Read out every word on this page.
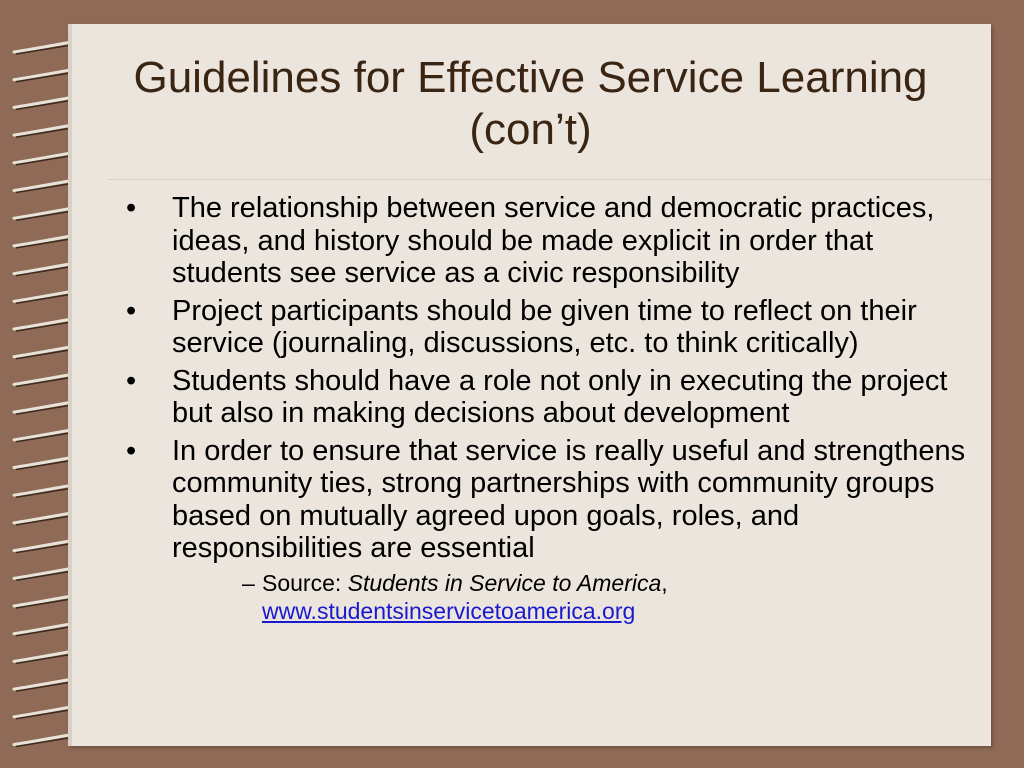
Guidelines for Effective Service Learning (con’t)
•	The relationship between service and democratic practices, ideas, and history should be made explicit in order that students see service as a civic responsibility
•	Project participants should be given time to reflect on their service (journaling, discussions, etc. to think critically)
•	Students should have a role not only in executing the project but also in making decisions about development
•	In order to ensure that service is really useful and strengthens community ties, strong partnerships with community groups based on mutually agreed upon goals, roles, and responsibilities are essential
– Source: Students in Service to America,
www.studentsinservicetoamerica.org
